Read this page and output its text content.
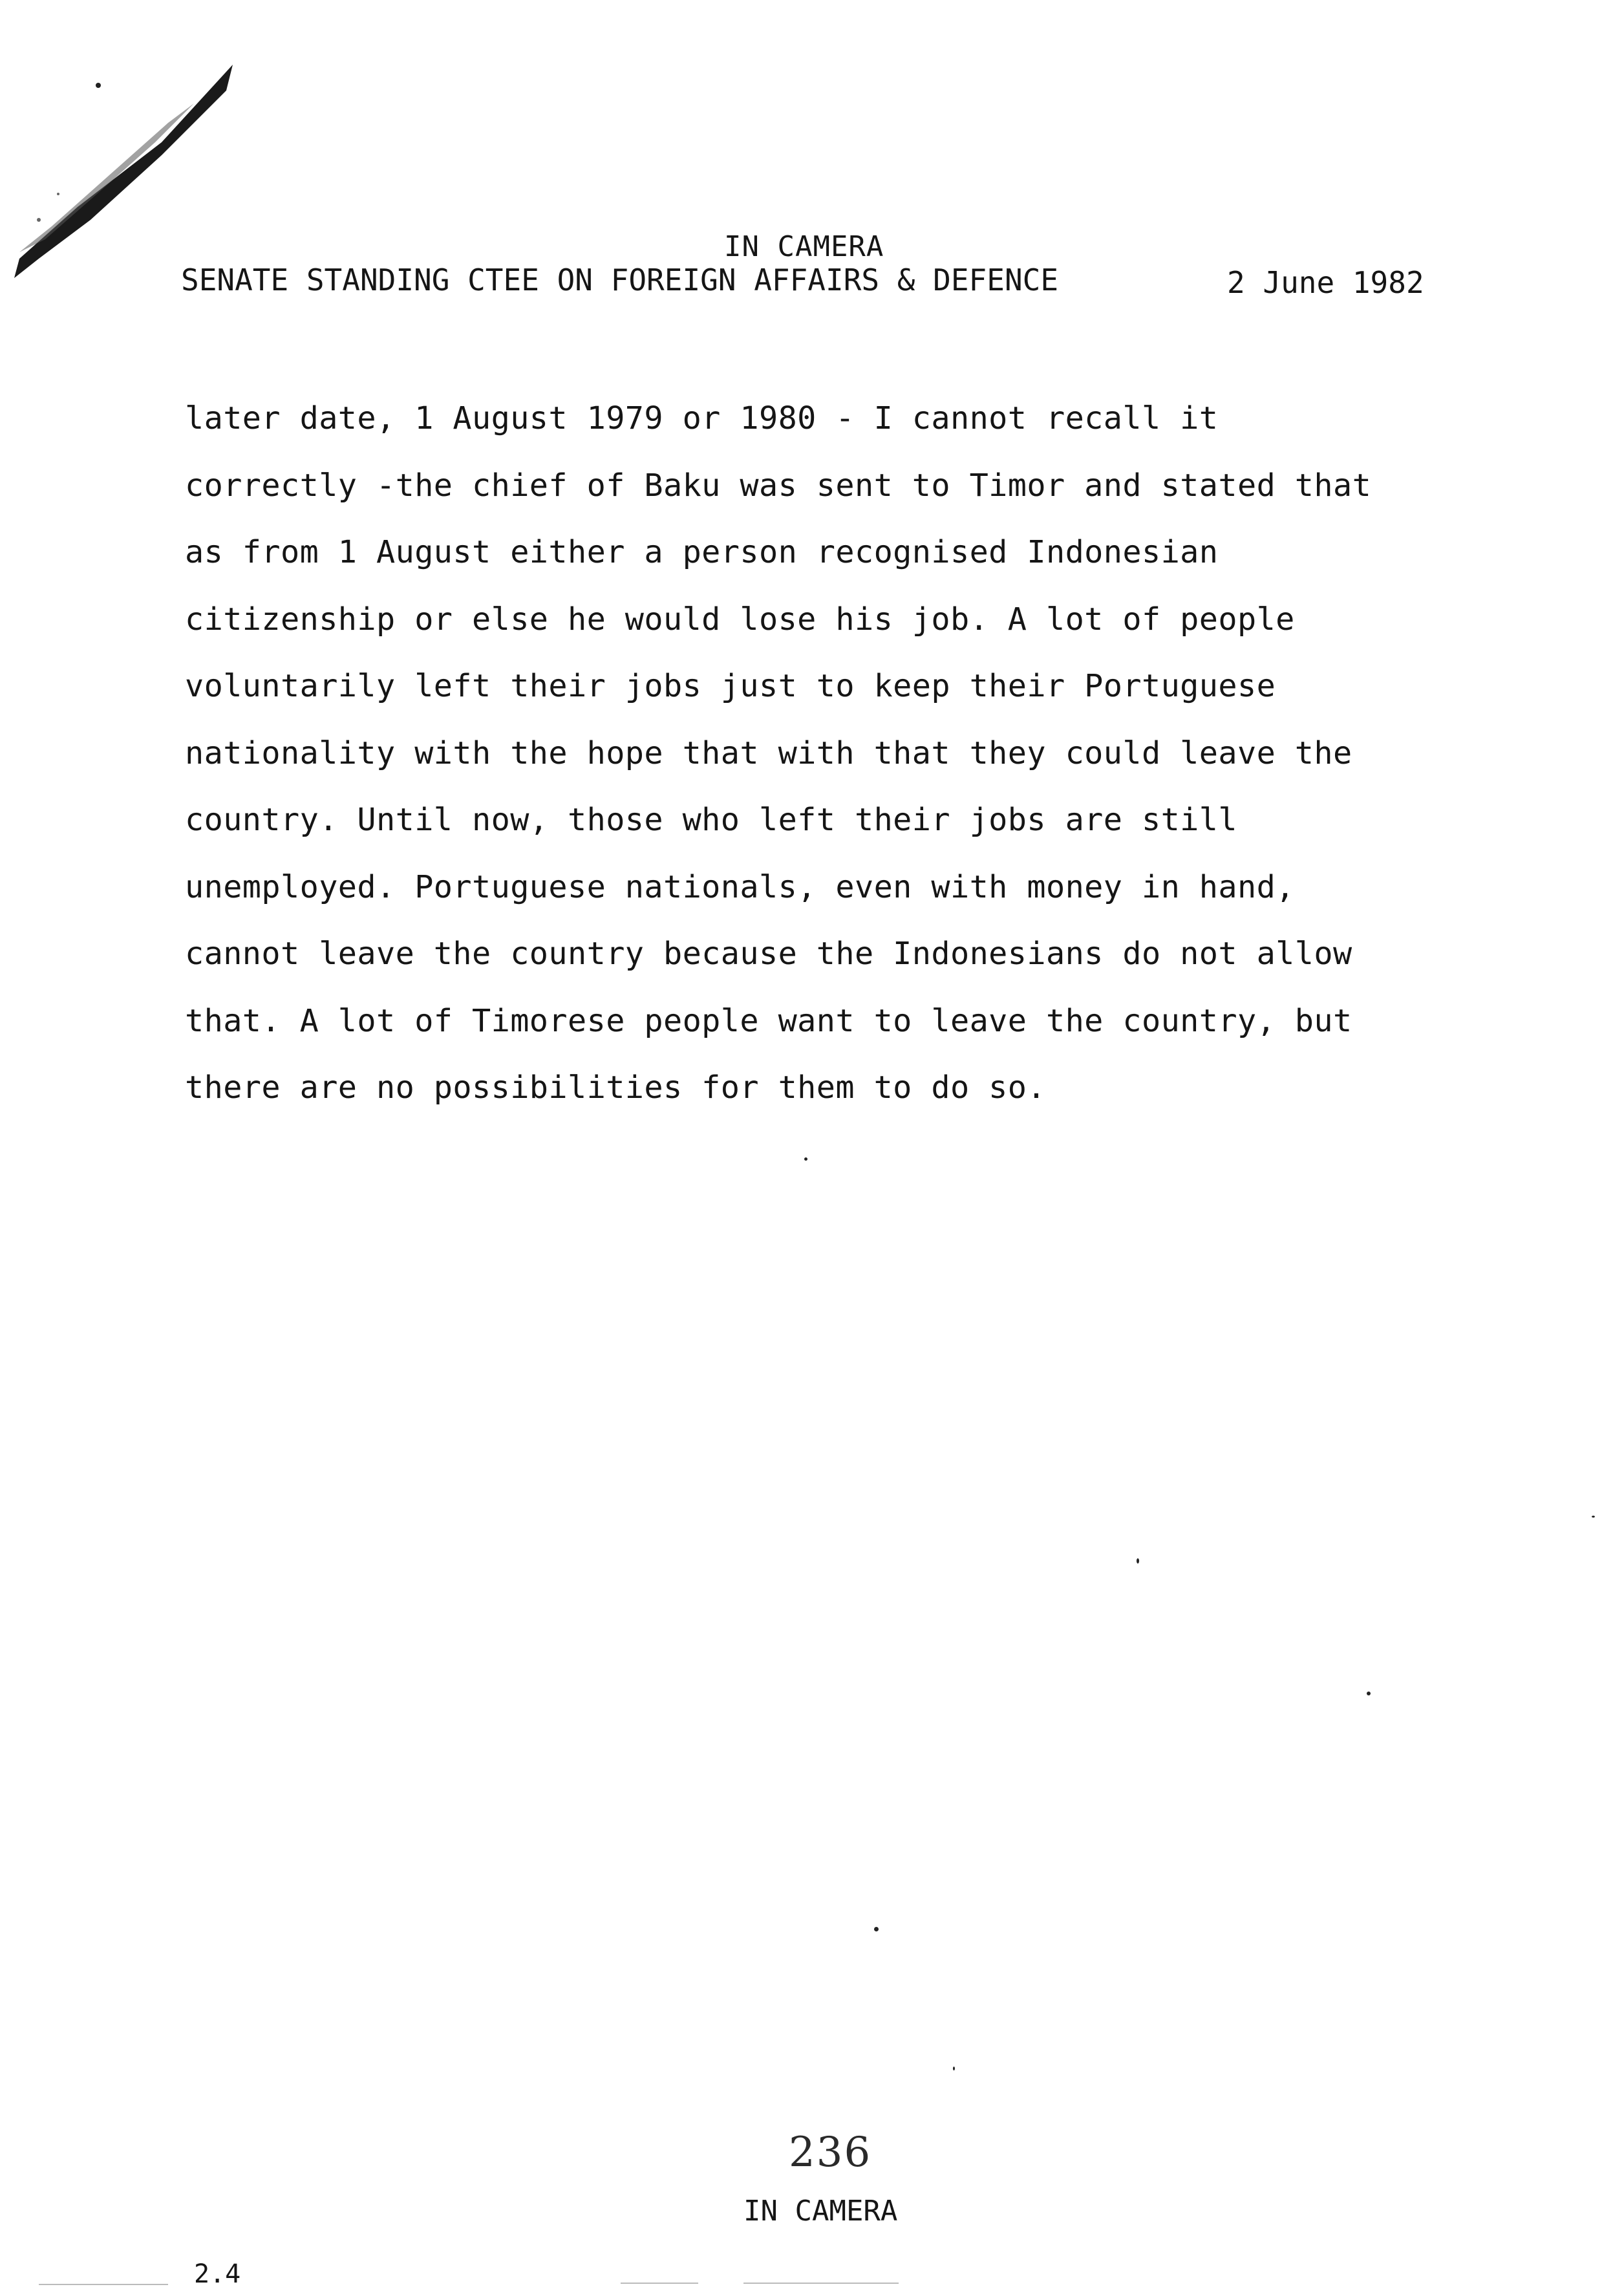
IN CAMERA
SENATE STANDING CTEE ON FOREIGN AFFAIRS & DEFENCE	2 June 1982
later date, 1 August 1979 or 1980 - I cannot recall it
correctly -the chief of Baku was sent to Timor and stated that
as from 1 August either a person recognised Indonesian
citizenship or else he would lose his job. A lot of people
voluntarily left their jobs just to keep their Portuguese
nationality with the hope that with that they could leave the
country. Until now, those who left their jobs are still
unemployed. Portuguese nationals, even with money in hand,
cannot leave the country because the Indonesians do not allow
that. A lot of Timorese people want to leave the country, but
there are no possibilities for them to do so.
236
IN CAMERA
2.4
